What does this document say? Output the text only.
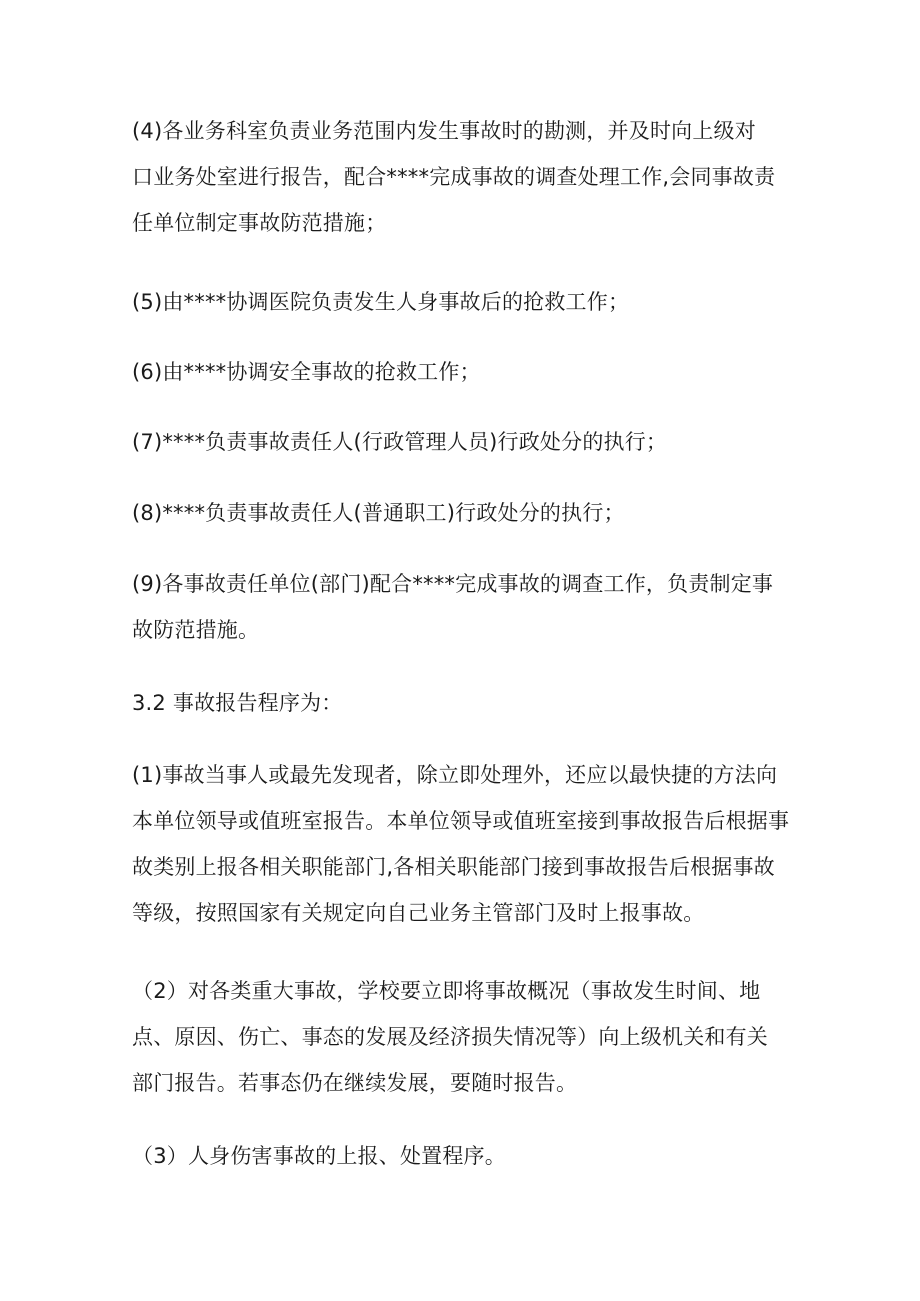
(4)各业务科室负责业务范围内发生事故时的勘测，并及时向上级对
口业务处室进行报告，配合****完成事故的调查处理工作,会同事故责
任单位制定事故防范措施；

(5)由****协调医院负责发生人身事故后的抢救工作；

(6)由****协调安全事故的抢救工作；

(7)****负责事故责任人(行政管理人员)行政处分的执行；

(8)****负责事故责任人(普通职工)行政处分的执行；

(9)各事故责任单位(部门)配合****完成事故的调查工作，负责制定事
故防范措施。

3.2 事故报告程序为：

(1)事故当事人或最先发现者，除立即处理外，还应以最快捷的方法向
本单位领导或值班室报告。本单位领导或值班室接到事故报告后根据事
故类别上报各相关职能部门,各相关职能部门接到事故报告后根据事故
等级，按照国家有关规定向自己业务主管部门及时上报事故。

（2）对各类重大事故，学校要立即将事故概况（事故发生时间、地
点、原因、伤亡、事态的发展及经济损失情况等）向上级机关和有关
部门报告。若事态仍在继续发展，要随时报告。

（3）人身伤害事故的上报、处置程序。
